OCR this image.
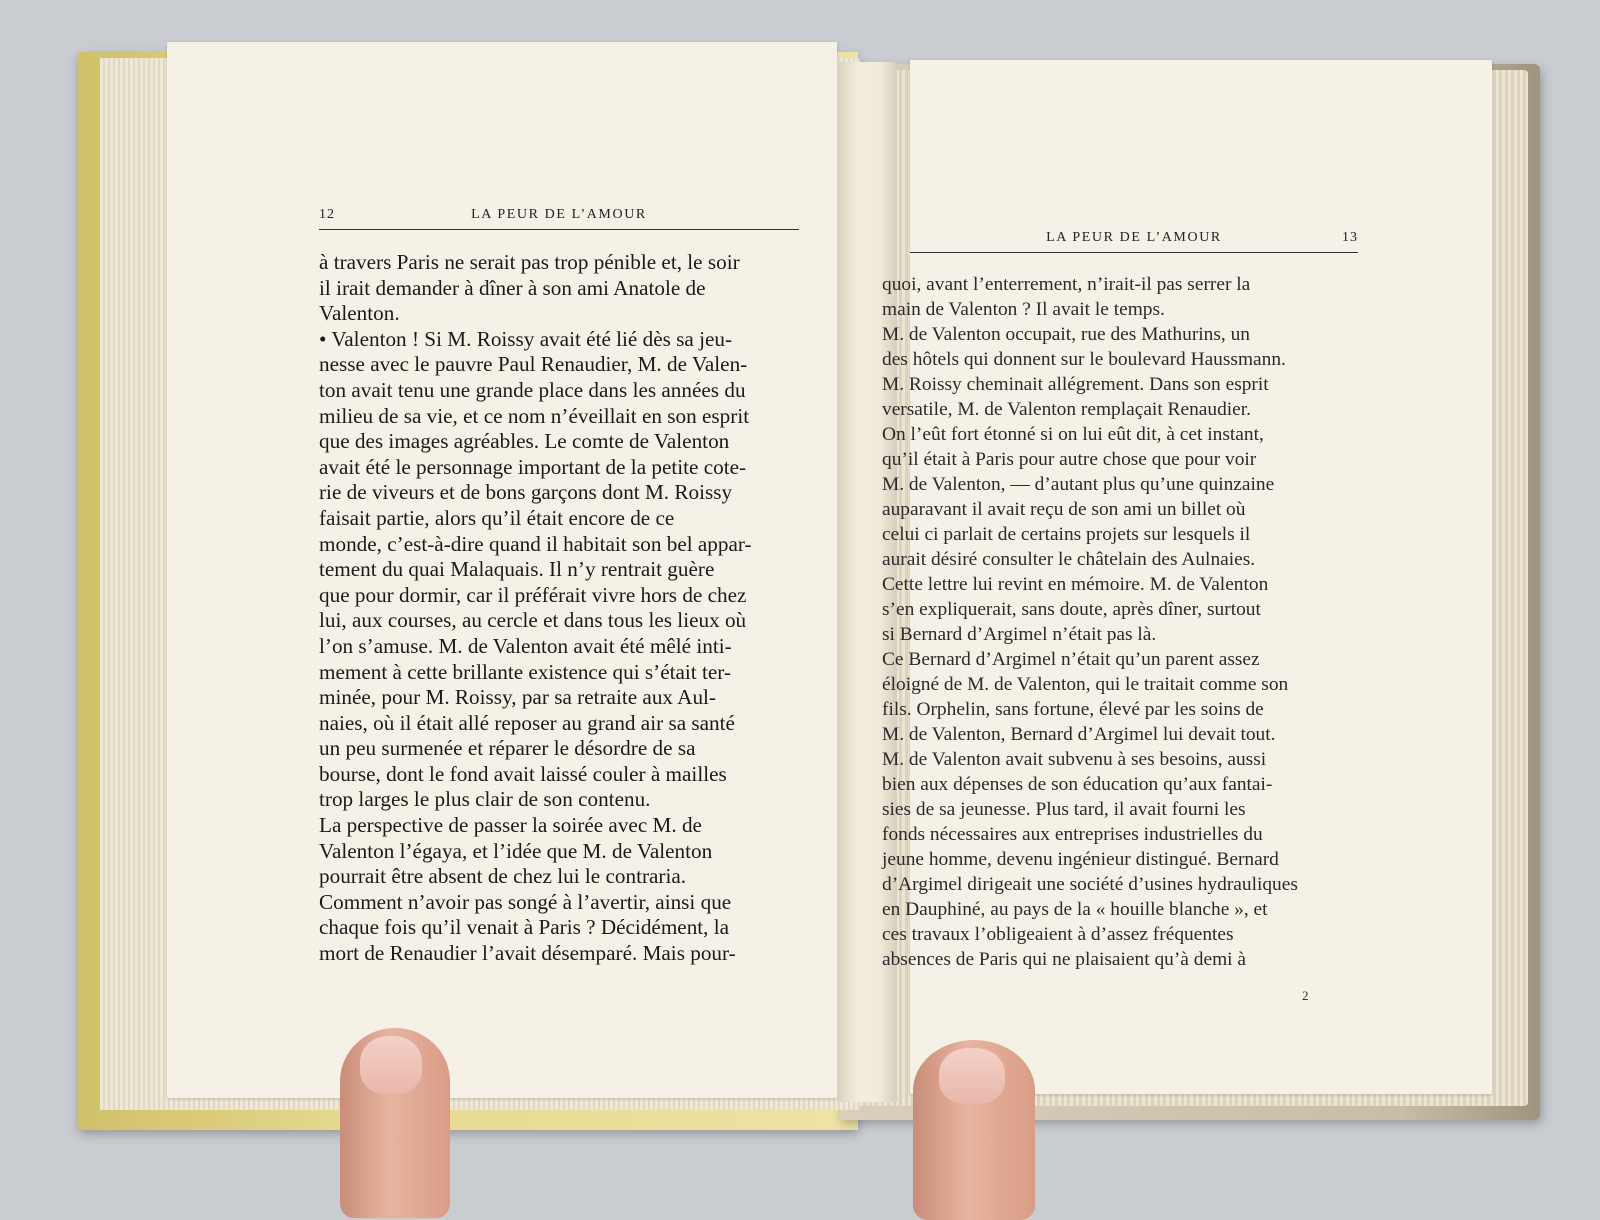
12	LA PEUR DE L’AMOUR

à travers Paris ne serait pas trop pénible et, le soir
il irait demander à dîner à son ami Anatole de
Valenton.
• Valenton ! Si M. Roissy avait été lié dès sa jeu-
nesse avec le pauvre Paul Renaudier, M. de Valen-
ton avait tenu une grande place dans les années du
milieu de sa vie, et ce nom n’éveillait en son esprit
que des images agréables. Le comte de Valenton
avait été le personnage important de la petite cote-
rie de viveurs et de bons garçons dont M. Roissy
faisait partie, alors qu’il était encore de ce
monde, c’est-à-dire quand il habitait son bel appar-
tement du quai Malaquais. Il n’y rentrait guère
que pour dormir, car il préférait vivre hors de chez
lui, aux courses, au cercle et dans tous les lieux où
l’on s’amuse. M. de Valenton avait été mêlé inti-
mement à cette brillante existence qui s’était ter-
minée, pour M. Roissy, par sa retraite aux Aul-
naies, où il était allé reposer au grand air sa santé
un peu surmenée et réparer le désordre de sa
bourse, dont le fond avait laissé couler à mailles
trop larges le plus clair de son contenu.
La perspective de passer la soirée avec M. de
Valenton l’égaya, et l’idée que M. de Valenton
pourrait être absent de chez lui le contraria.
Comment n’avoir pas songé à l’avertir, ainsi que
chaque fois qu’il venait à Paris ? Décidément, la
mort de Renaudier l’avait désemparé. Mais pour-

LA PEUR DE L’AMOUR	13

quoi, avant l’enterrement, n’irait-il pas serrer la
main de Valenton ? Il avait le temps.
M. de Valenton occupait, rue des Mathurins, un
des hôtels qui donnent sur le boulevard Haussmann.
M. Roissy cheminait allégrement. Dans son esprit
versatile, M. de Valenton remplaçait Renaudier.
On l’eût fort étonné si on lui eût dit, à cet instant,
qu’il était à Paris pour autre chose que pour voir
M. de Valenton, — d’autant plus qu’une quinzaine
auparavant il avait reçu de son ami un billet où
celui ci parlait de certains projets sur lesquels il
aurait désiré consulter le châtelain des Aulnaies.
Cette lettre lui revint en mémoire. M. de Valenton
s’en expliquerait, sans doute, après dîner, surtout
si Bernard d’Argimel n’était pas là.
Ce Bernard d’Argimel n’était qu’un parent assez
éloigné de M. de Valenton, qui le traitait comme son
fils. Orphelin, sans fortune, élevé par les soins de
M. de Valenton, Bernard d’Argimel lui devait tout.
M. de Valenton avait subvenu à ses besoins, aussi
bien aux dépenses de son éducation qu’aux fantai-
sies de sa jeunesse. Plus tard, il avait fourni les
fonds nécessaires aux entreprises industrielles du
jeune homme, devenu ingénieur distingué. Bernard
d’Argimel dirigeait une société d’usines hydrauliques
en Dauphiné, au pays de la « houille blanche », et
ces travaux l’obligeaient à d’assez fréquentes
absences de Paris qui ne plaisaient qu’à demi à

2
